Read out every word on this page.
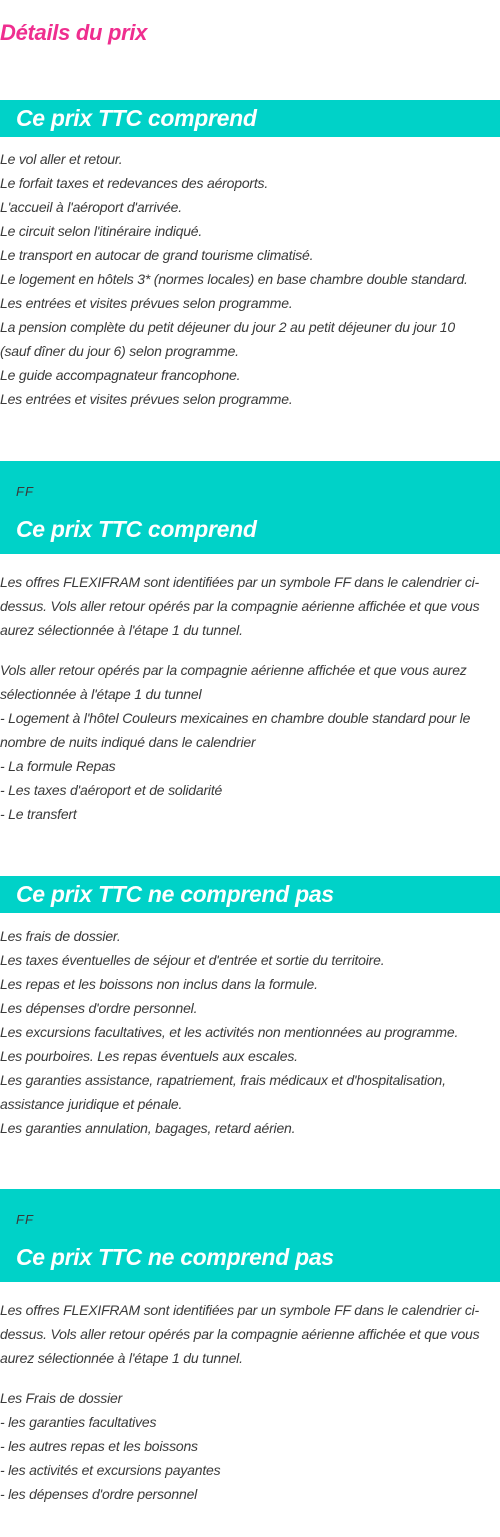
Détails du prix
Ce prix TTC comprend
Le vol aller et retour.
Le forfait taxes et redevances des aéroports.
L'accueil à l'aéroport d'arrivée.
Le circuit selon l'itinéraire indiqué.
Le transport en autocar de grand tourisme climatisé.
Le logement en hôtels 3* (normes locales) en base chambre double standard.
Les entrées et visites prévues selon programme.
La pension complète du petit déjeuner du jour 2 au petit déjeuner du jour 10
(sauf dîner du jour 6) selon programme.
Le guide accompagnateur francophone.
Les entrées et visites prévues selon programme.
FF
Ce prix TTC comprend
Les offres FLEXIFRAM sont identifiées par un symbole FF dans le calendrier ci-
dessus. Vols aller retour opérés par la compagnie aérienne affichée et que vous
aurez sélectionnée à l'étape 1 du tunnel.
Vols aller retour opérés par la compagnie aérienne affichée et que vous aurez
sélectionnée à l'étape 1 du tunnel
- Logement à l'hôtel Couleurs mexicaines en chambre double standard pour le
nombre de nuits indiqué dans le calendrier
- La formule Repas
- Les taxes d'aéroport et de solidarité
- Le transfert
Ce prix TTC ne comprend pas
Les frais de dossier.
Les taxes éventuelles de séjour et d'entrée et sortie du territoire.
Les repas et les boissons non inclus dans la formule.
Les dépenses d'ordre personnel.
Les excursions facultatives, et les activités non mentionnées au programme.
Les pourboires. Les repas éventuels aux escales.
Les garanties assistance, rapatriement, frais médicaux et d'hospitalisation,
assistance juridique et pénale.
Les garanties annulation, bagages, retard aérien.
FF
Ce prix TTC ne comprend pas
Les offres FLEXIFRAM sont identifiées par un symbole FF dans le calendrier ci-
dessus. Vols aller retour opérés par la compagnie aérienne affichée et que vous
aurez sélectionnée à l'étape 1 du tunnel.
Les Frais de dossier
- les garanties facultatives
- les autres repas et les boissons
- les activités et excursions payantes
- les dépenses d'ordre personnel
